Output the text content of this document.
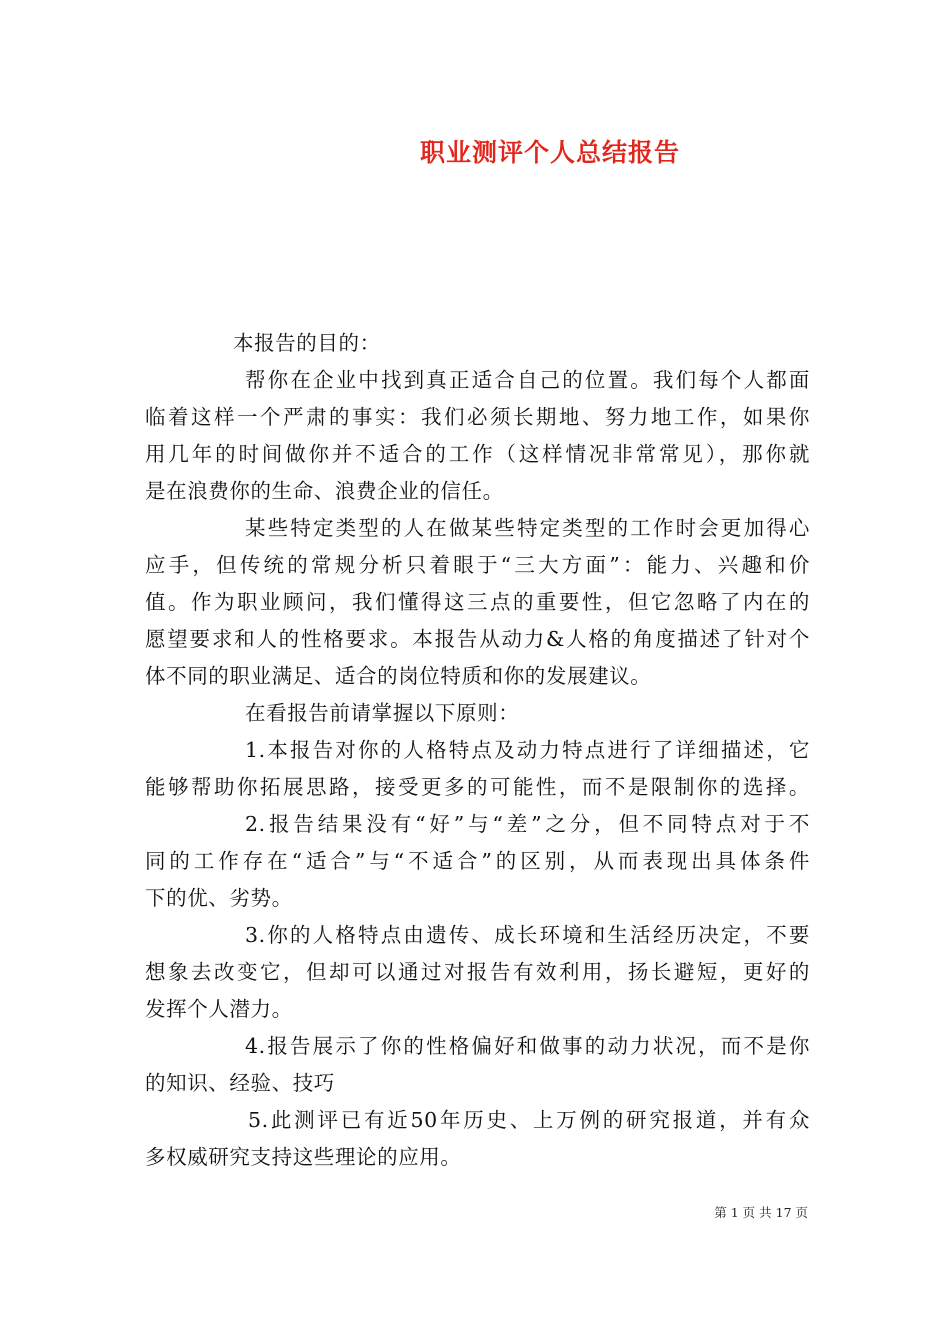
职业测评个人总结报告
本报告的目的：
帮你在企业中找到真正适合自己的位置。我们每个人都面
临着这样一个严肃的事实：我们必须长期地、努力地工作，如果你
用几年的时间做你并不适合的工作（这样情况非常常见），那你就
是在浪费你的生命、浪费企业的信任。
某些特定类型的人在做某些特定类型的工作时会更加得心
应手，但传统的常规分析只着眼于“三大方面”：能力、兴趣和价
值。作为职业顾问，我们懂得这三点的重要性，但它忽略了内在的
愿望要求和人的性格要求。本报告从动力&人格的角度描述了针对个
体不同的职业满足、适合的岗位特质和你的发展建议。
在看报告前请掌握以下原则：
1.本报告对你的人格特点及动力特点进行了详细描述，它
能够帮助你拓展思路，接受更多的可能性，而不是限制你的选择。
2.报告结果没有“好”与“差”之分，但不同特点对于不
同的工作存在“适合”与“不适合”的区别，从而表现出具体条件
下的优、劣势。
3.你的人格特点由遗传、成长环境和生活经历决定，不要
想象去改变它，但却可以通过对报告有效利用，扬长避短，更好的
发挥个人潜力。
4.报告展示了你的性格偏好和做事的动力状况，而不是你
的知识、经验、技巧
5.此测评已有近50年历史、上万例的研究报道，并有众
多权威研究支持这些理论的应用。
第 1 页 共 17 页
